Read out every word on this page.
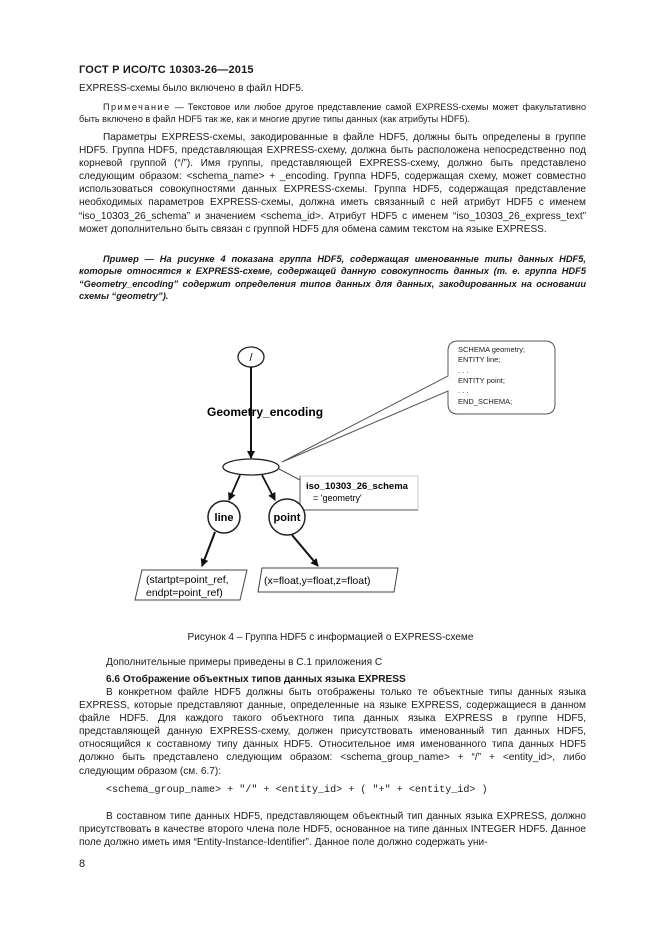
ГОСТ Р ИСО/ТС 10303-26—2015

EXPRESS-схемы было включено в файл HDF5.

Примечание — Текстовое или любое другое представление самой EXPRESS-схемы может факультативно быть включено в файл HDF5 так же, как и многие другие типы данных (как атрибуты HDF5).

Параметры EXPRESS-схемы, закодированные в файле HDF5, должны быть определены в группе HDF5. Группа HDF5, представляющая EXPRESS-схему, должна быть расположена непосредственно под корневой группой (“/”). Имя группы, представляющей EXPRESS-схему, должно быть представлено следующим образом: <schema_name> + _encoding. Группа HDF5, содержащая схему, может совместно использоваться совокупностями данных EXPRESS-схемы. Группа HDF5, содержащая представление необходимых параметров EXPRESS-схемы, должна иметь связанный с ней атрибут HDF5 с именем “iso_10303_26_schema” и значением <schema_id>. Атрибут HDF5 с именем “iso_10303_26_express_text” может дополнительно быть связан с группой HDF5 для обмена самим текстом на языке EXPRESS.

Пример — На рисунке 4 показана группа HDF5, содержащая именованные типы данных HDF5, которые относятся к EXPRESS-схеме, содержащей данную совокупность данных (т. е. группа HDF5 “Geometry_encoding” содержит определения типов данных для данных, закодированных на основании схемы “geometry”).

/
Geometry_encoding
SCHEMA geometry;
ENTITY line;
. . .
ENTITY point;
. . .
END_SCHEMA;
iso_10303_26_schema
= 'geometry'
line	point
(startpt=point_ref,
endpt=point_ref)
(x=float,y=float,z=float)
Рисунок 4 – Группа HDF5 с информацией о EXPRESS-схеме

Дополнительные примеры приведены в С.1 приложения С

6.6 Отображение объектных типов данных языка EXPRESS

В конкретном файле HDF5 должны быть отображены только те объектные типы данных языка EXPRESS, которые представляют данные, определенные на языке EXPRESS, содержащиеся в данном файле HDF5. Для каждого такого объектного типа данных языка EXPRESS в группе HDF5, представляющей данную EXPRESS-схему, должен присутствовать именованный тип данных HDF5, относящийся к составному типу данных HDF5. Относительное имя именованного типа данных HDF5 должно быть представлено следующим образом: <schema_group_name> + “/” + <entity_id>, либо следующим образом (см. 6.7):

<schema_group_name> + "/" + <entity_id> + ( "+" + <entity_id> )

В составном типе данных HDF5, представляющем объектный тип данных языка EXPRESS, должно присутствовать в качестве второго члена поле HDF5, основанное на типе данных INTEGER HDF5. Данное поле должно иметь имя “Entity-Instance-Identifier”. Данное поле должно содержать уни-

8
